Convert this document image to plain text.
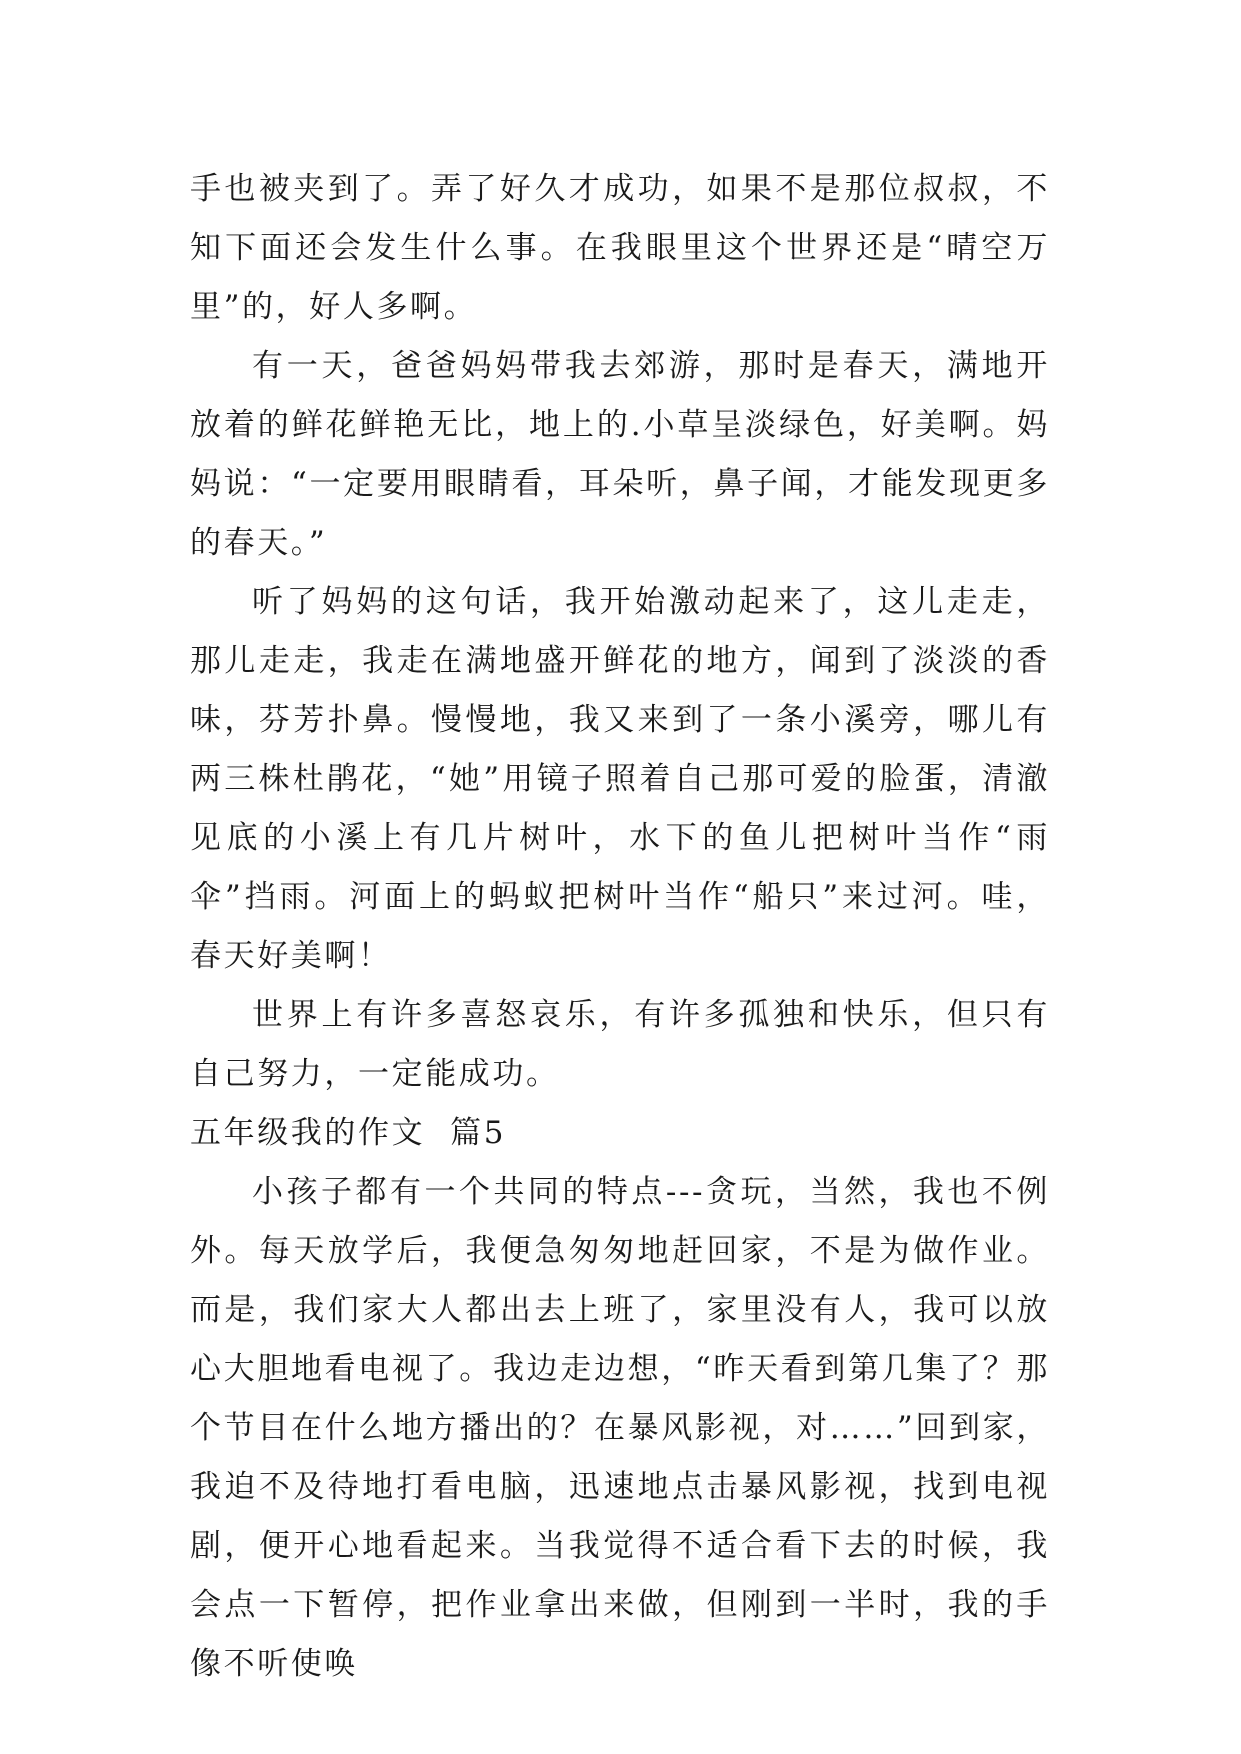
手也被夹到了。弄了好久才成功，如果不是那位叔叔，不知下面还会发生什么事。在我眼里这个世界还是“晴空万里”的，好人多啊。

有一天，爸爸妈妈带我去郊游，那时是春天，满地开放着的鲜花鲜艳无比，地上的.小草呈淡绿色，好美啊。妈妈说：“一定要用眼睛看，耳朵听，鼻子闻，才能发现更多的春天。”

听了妈妈的这句话，我开始激动起来了，这儿走走，那儿走走，我走在满地盛开鲜花的地方，闻到了淡淡的香味，芬芳扑鼻。慢慢地，我又来到了一条小溪旁，哪儿有两三株杜鹃花，“她”用镜子照着自己那可爱的脸蛋，清澈见底的小溪上有几片树叶，水下的鱼儿把树叶当作“雨伞”挡雨。河面上的蚂蚁把树叶当作“船只”来过河。哇，春天好美啊！

世界上有许多喜怒哀乐，有许多孤独和快乐，但只有自己努力，一定能成功。

五年级我的作文  篇5

小孩子都有一个共同的特点---贪玩，当然，我也不例外。每天放学后，我便急匆匆地赶回家，不是为做作业。而是，我们家大人都出去上班了，家里没有人，我可以放心大胆地看电视了。我边走边想，“昨天看到第几集了？那个节目在什么地方播出的？在暴风影视，对……”回到家，我迫不及待地打看电脑，迅速地点击暴风影视，找到电视剧，便开心地看起来。当我觉得不适合看下去的时候，我会点一下暂停，把作业拿出来做，但刚到一半时，我的手像不听使唤
